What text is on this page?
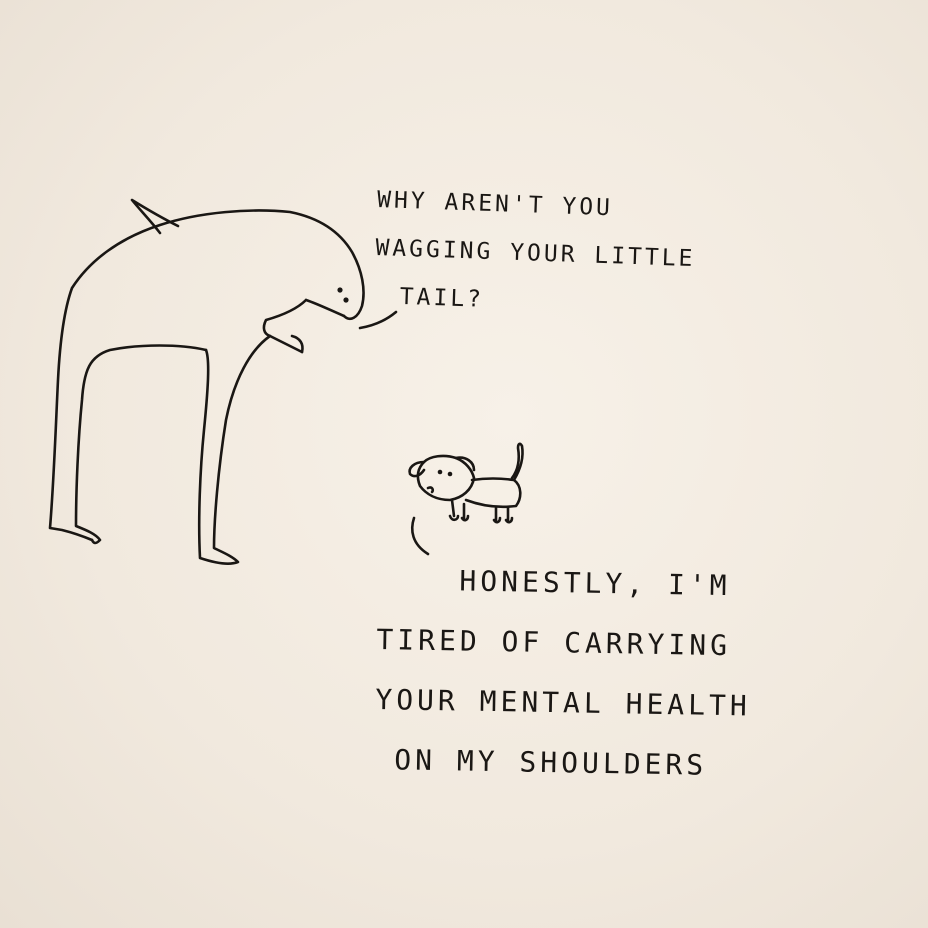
WHY AREN'T YOU
WAGGING YOUR LITTLE
TAIL?

HONESTLY, I'M
TIRED OF CARRYING
YOUR MENTAL HEALTH
ON MY SHOULDERS
